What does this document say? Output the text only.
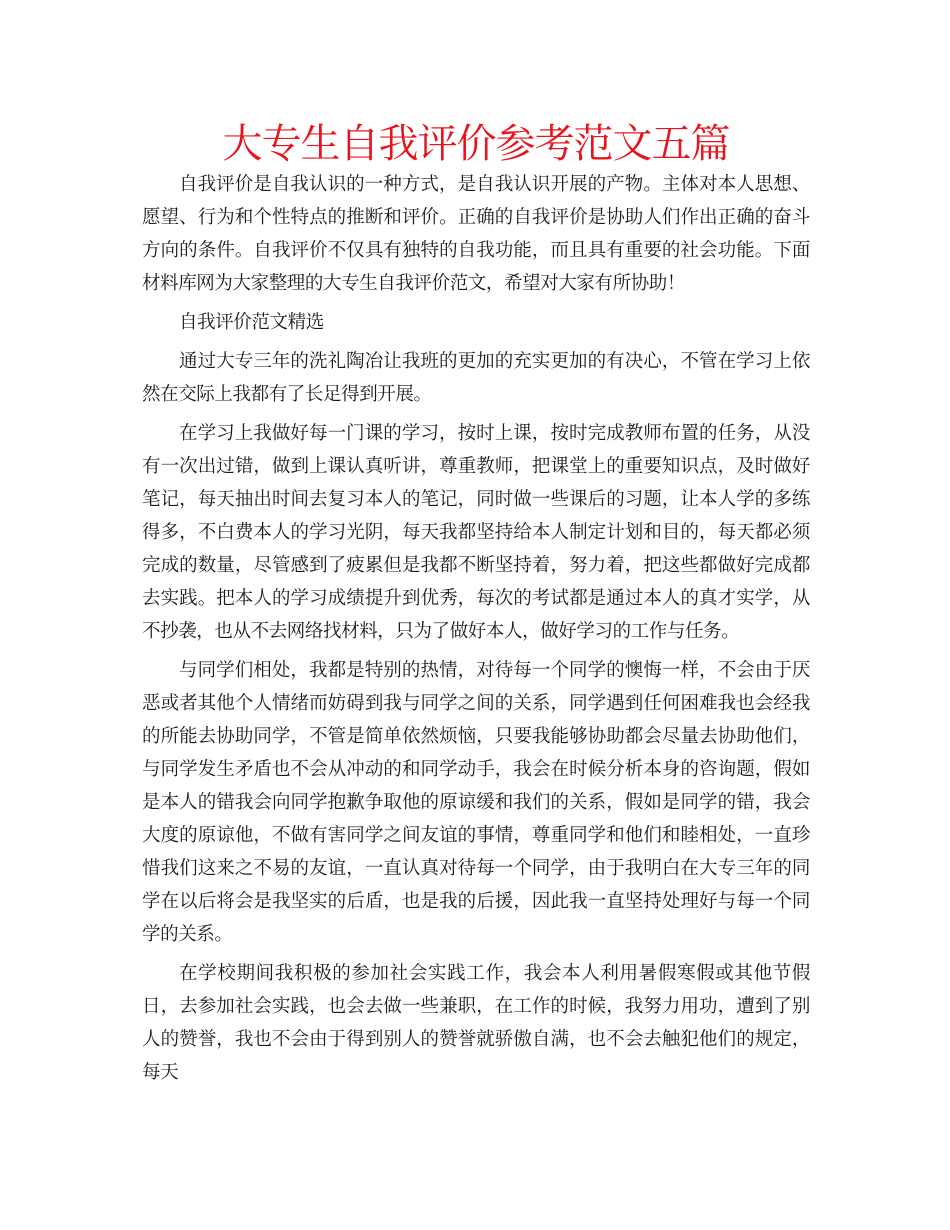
大专生自我评价参考范文五篇

自我评价是自我认识的一种方式，是自我认识开展的产物。主体对本人思想、愿望、行为和个性特点的推断和评价。正确的自我评价是协助人们作出正确的奋斗方向的条件。自我评价不仅具有独特的自我功能，而且具有重要的社会功能。下面材料库网为大家整理的大专生自我评价范文，希望对大家有所协助！

自我评价范文精选

通过大专三年的洗礼陶冶让我班的更加的充实更加的有决心，不管在学习上依然在交际上我都有了长足得到开展。

在学习上我做好每一门课的学习，按时上课，按时完成教师布置的任务，从没有一次出过错，做到上课认真听讲，尊重教师，把课堂上的重要知识点，及时做好笔记，每天抽出时间去复习本人的笔记，同时做一些课后的习题，让本人学的多练得多，不白费本人的学习光阴，每天我都坚持给本人制定计划和目的，每天都必须完成的数量，尽管感到了疲累但是我都不断坚持着，努力着，把这些都做好完成都去实践。把本人的学习成绩提升到优秀，每次的考试都是通过本人的真才实学，从不抄袭，也从不去网络找材料，只为了做好本人，做好学习的工作与任务。

与同学们相处，我都是特别的热情，对待每一个同学的懊悔一样，不会由于厌恶或者其他个人情绪而妨碍到我与同学之间的关系，同学遇到任何困难我也会经我的所能去协助同学，不管是简单依然烦恼，只要我能够协助都会尽量去协助他们，与同学发生矛盾也不会从冲动的和同学动手，我会在时候分析本身的咨询题，假如是本人的错我会向同学抱歉争取他的原谅缓和我们的关系，假如是同学的错，我会大度的原谅他，不做有害同学之间友谊的事情，尊重同学和他们和睦相处，一直珍惜我们这来之不易的友谊，一直认真对待每一个同学，由于我明白在大专三年的同学在以后将会是我坚实的后盾，也是我的后援，因此我一直坚持处理好与每一个同学的关系。

在学校期间我积极的参加社会实践工作，我会本人利用暑假寒假或其他节假日，去参加社会实践，也会去做一些兼职，在工作的时候，我努力用功，遭到了别人的赞誉，我也不会由于得到别人的赞誉就骄傲自满，也不会去触犯他们的规定，每天
